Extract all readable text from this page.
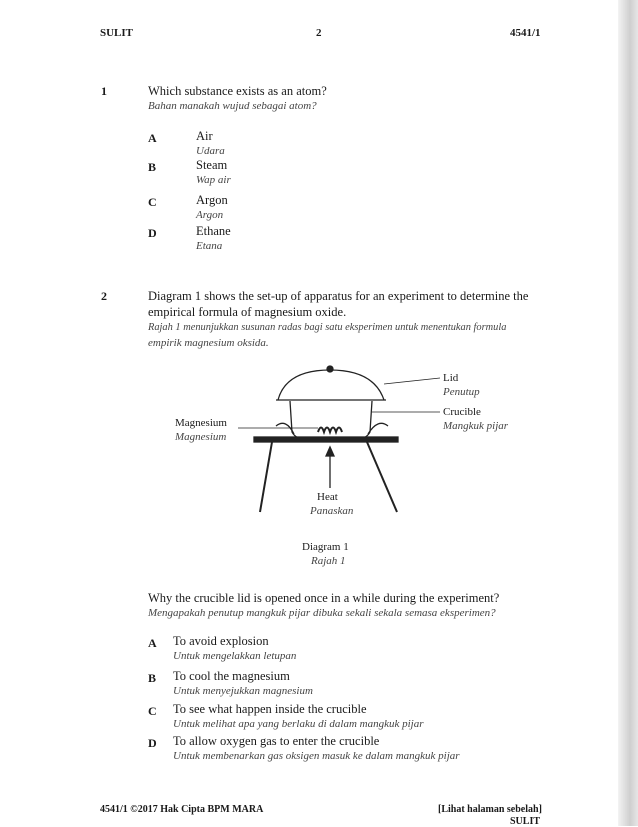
SULIT	2	4541/1
1	Which substance exists as an atom?
Bahan manakah wujud sebagai atom?
A	Air
Udara
B	Steam
Wap air
C	Argon
Argon
D	Ethane
Etana
2	Diagram 1 shows the set-up of apparatus for an experiment to determine the
empirical formula of magnesium oxide.
Rajah 1 menunjukkan susunan radas bagi satu eksperimen untuk menentukan formula
empirik magnesium oksida.
Lid
Penutup
Crucible
Mangkuk pijar
Magnesium
Magnesium
Heat
Panaskan
Diagram 1
Rajah 1
Why the crucible lid is opened once in a while during the experiment?
Mengapakah penutup mangkuk pijar dibuka sekali sekala semasa eksperimen?
A To avoid explosion
Untuk mengelakkan letupan
B To cool the magnesium
Untuk menyejukkan magnesium
C To see what happen inside the crucible
Untuk melihat apa yang berlaku di dalam mangkuk pijar
D To allow oxygen gas to enter the crucible
Untuk membenarkan gas oksigen masuk ke dalam mangkuk pijar
4541/1 ©2017 Hak Cipta BPM MARA	[Lihat halaman sebelah]
SULIT
